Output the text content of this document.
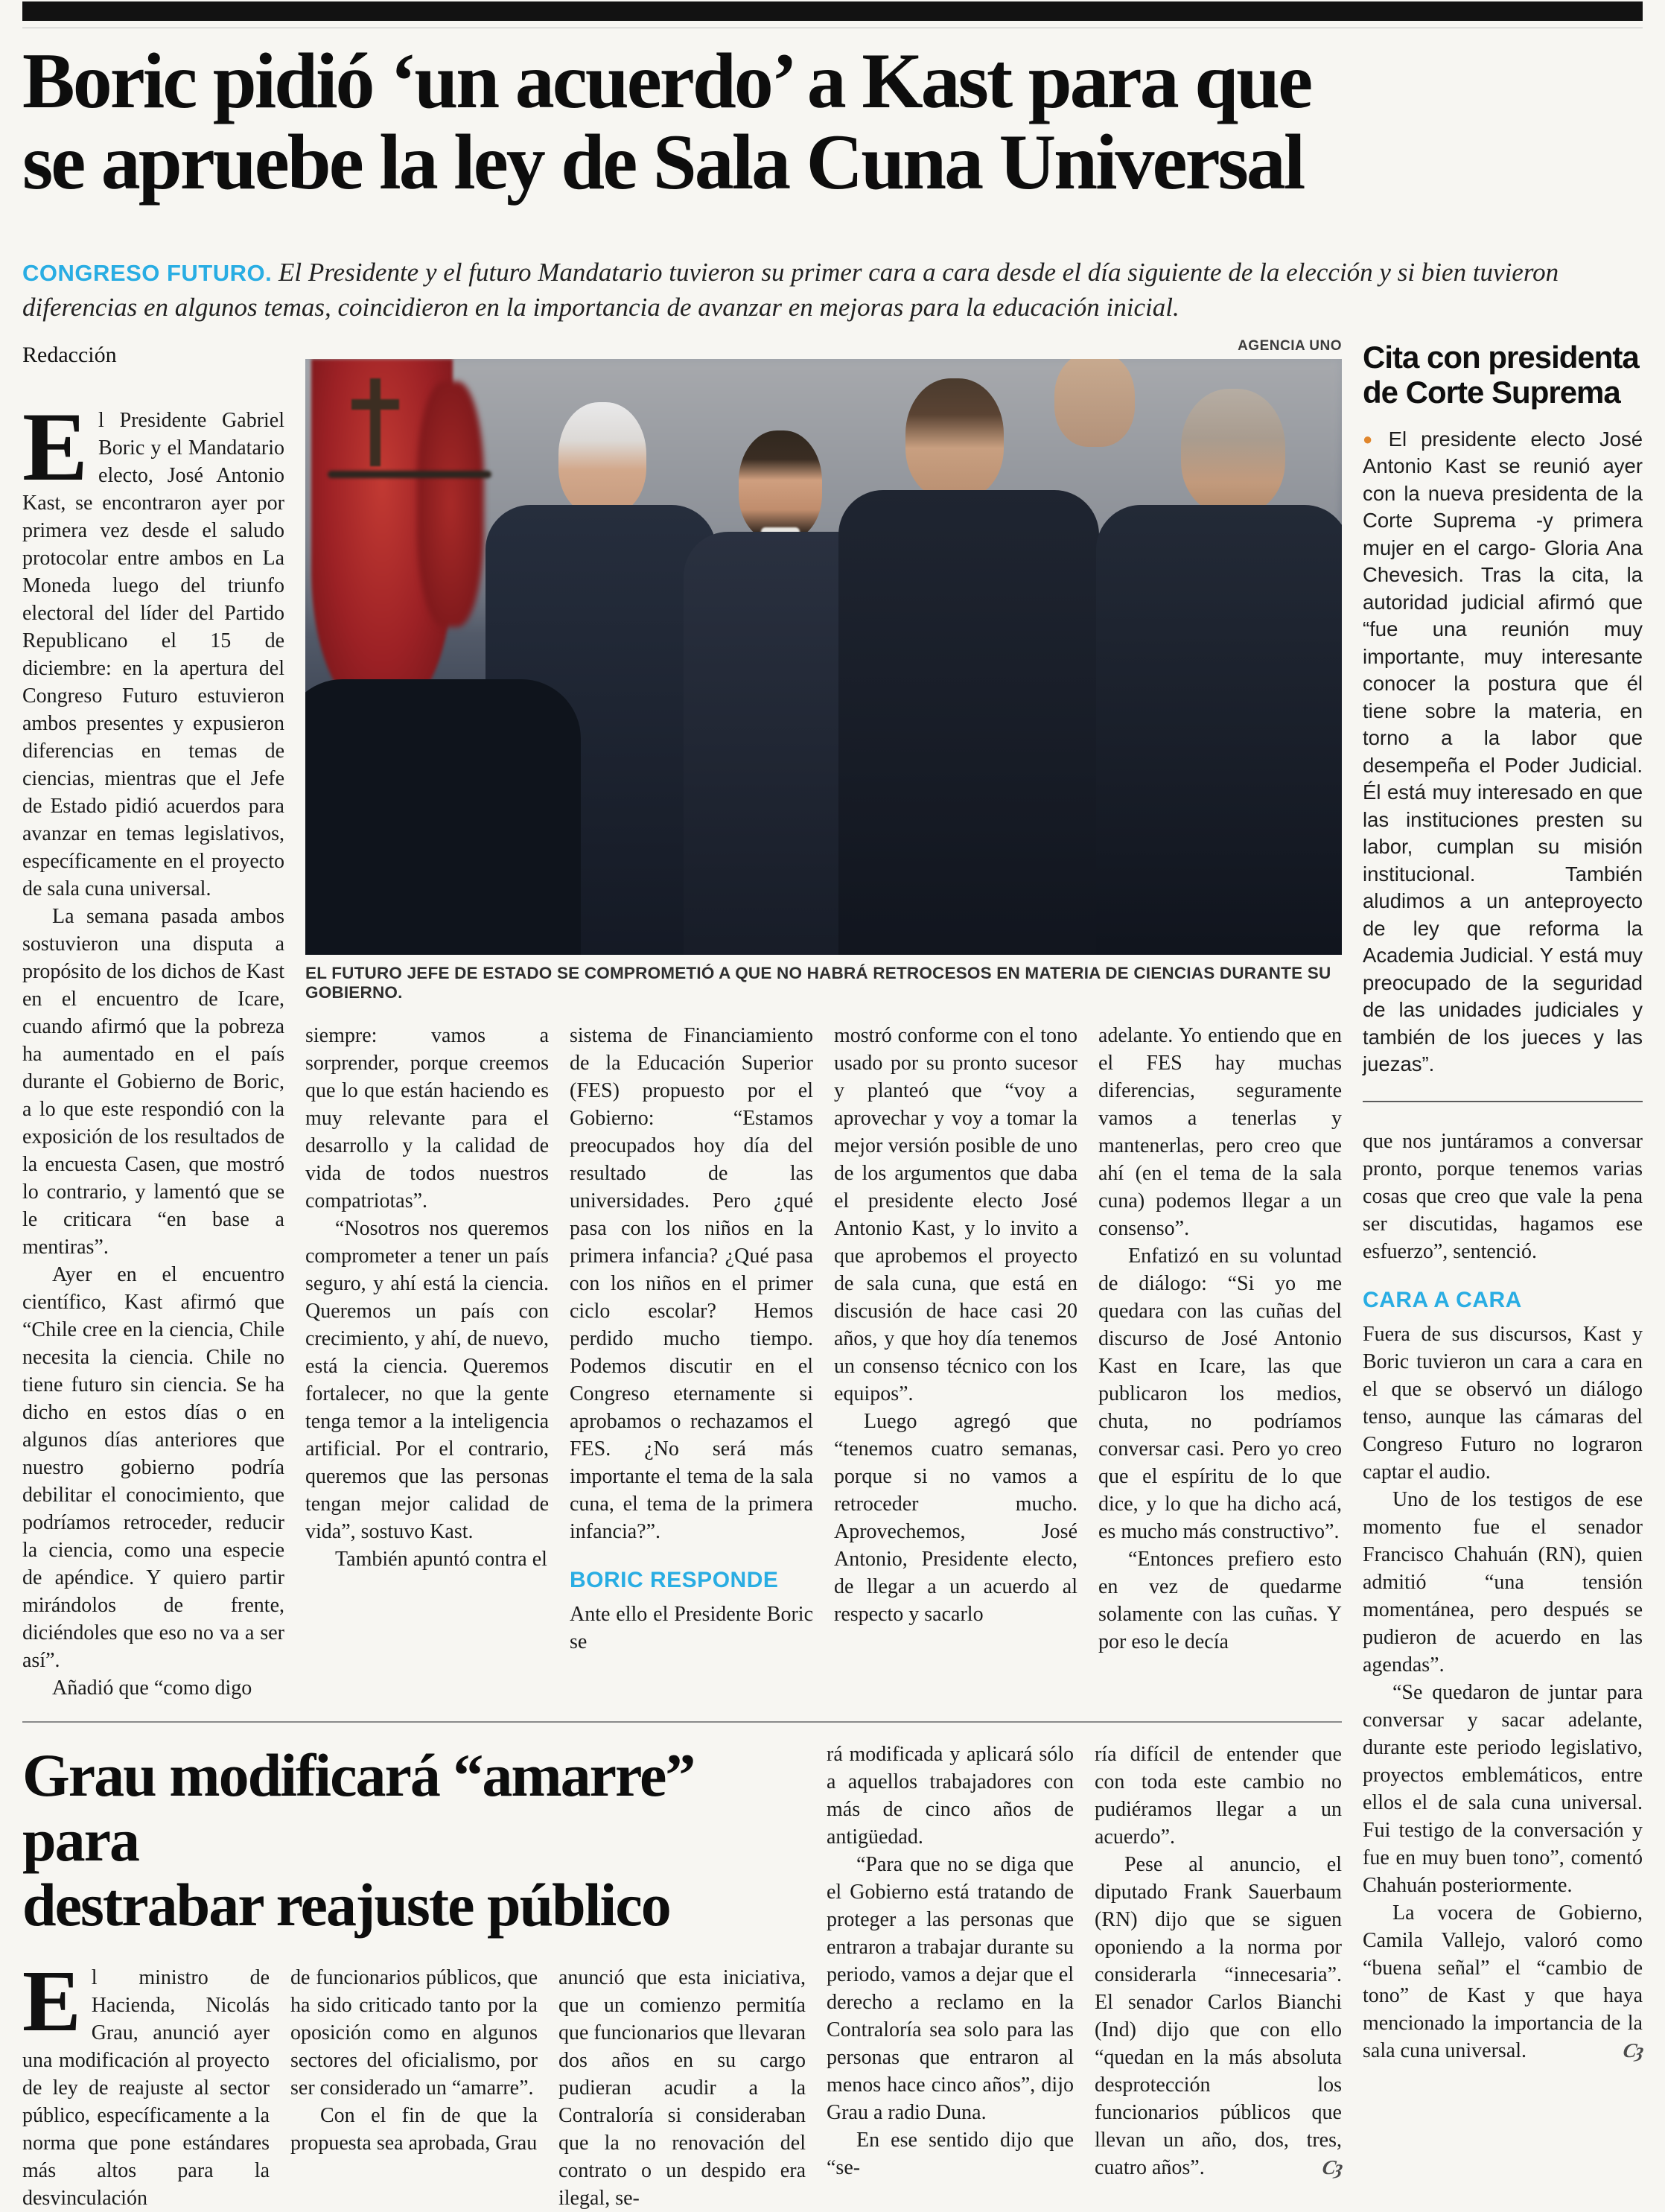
Boric pidió ‘un acuerdo’ a Kast para que
se apruebe la ley de Sala Cuna Universal
CONGRESO FUTURO. El Presidente y el futuro Mandatario tuvieron su primer cara a cara desde el día siguiente de la elección y si bien tuvieron diferencias en algunos temas, coincidieron en la importancia de avanzar en mejoras para la educación inicial.
Redacción

El Presidente Gabriel Boric y el Mandatario electo, José Antonio Kast, se encontraron ayer por primera vez desde el saludo protocolar entre ambos en La Moneda luego del triunfo electoral del líder del Partido Republicano el 15 de diciembre: en la apertura del Congreso Futuro estuvieron ambos presentes y expusieron diferencias en temas de ciencias, mientras que el Jefe de Estado pidió acuerdos para avanzar en temas legislativos, específicamente en el proyecto de sala cuna universal.

La semana pasada ambos sostuvieron una disputa a propósito de los dichos de Kast en el encuentro de Icare, cuando afirmó que la pobreza ha aumentado en el país durante el Gobierno de Boric, a lo que este respondió con la exposición de los resultados de la encuesta Casen, que mostró lo contrario, y lamentó que se le criticara “en base a mentiras”.

Ayer en el encuentro científico, Kast afirmó que “Chile cree en la ciencia, Chile necesita la ciencia. Chile no tiene futuro sin ciencia. Se ha dicho en estos días o en algunos días anteriores que nuestro gobierno podría debilitar el conocimiento, que podríamos retroceder, reducir la ciencia, como una especie de apéndice. Y quiero partir mirándolos de frente, diciéndoles que eso no va a ser así”.

Añadió que “como digo

AGENCIA UNO
EL FUTURO JEFE DE ESTADO SE COMPROMETIÓ A QUE NO HABRÁ RETROCESOS EN MATERIA DE CIENCIAS DURANTE SU GOBIERNO.

siempre: vamos a sorprender, porque creemos que lo que están haciendo es muy relevante para el desarrollo y la calidad de vida de todos nuestros compatriotas”.

“Nosotros nos queremos comprometer a tener un país seguro, y ahí está la ciencia. Queremos un país con crecimiento, y ahí, de nuevo, está la ciencia. Queremos fortalecer, no que la gente tenga temor a la inteligencia artificial. Por el contrario, queremos que las personas tengan mejor calidad de vida”, sostuvo Kast.

También apuntó contra el

sistema de Financiamiento de la Educación Superior (FES) propuesto por el Gobierno: “Estamos preocupados hoy día del resultado de las universidades. Pero ¿qué pasa con los niños en la primera infancia? ¿Qué pasa con los niños en el primer ciclo escolar? Hemos perdido mucho tiempo. Podemos discutir en el Congreso eternamente si aprobamos o rechazamos el FES. ¿No será más importante el tema de la sala cuna, el tema de la primera infancia?”.

BORIC RESPONDE

Ante ello el Presidente Boric se

mostró conforme con el tono usado por su pronto sucesor y planteó que “voy a aprovechar y voy a tomar la mejor versión posible de uno de los argumentos que daba el presidente electo José Antonio Kast, y lo invito a que aprobemos el proyecto de sala cuna, que está en discusión de hace casi 20 años, y que hoy día tenemos un consenso técnico con los equipos”.

Luego agregó que “tenemos cuatro semanas, porque si no vamos a retroceder mucho. Aprovechemos, José Antonio, Presidente electo, de llegar a un acuerdo al respecto y sacarlo

adelante. Yo entiendo que en el FES hay muchas diferencias, seguramente vamos a tenerlas y mantenerlas, pero creo que ahí (en el tema de la sala cuna) podemos llegar a un consenso”.

Enfatizó en su voluntad de diálogo: “Si yo me quedara con las cuñas del discurso de José Antonio Kast en Icare, las que publicaron los medios, chuta, no podríamos conversar casi. Pero yo creo que el espíritu de lo que dice, y lo que ha dicho acá, es mucho más constructivo”.

“Entonces prefiero esto en vez de quedarme solamente con las cuñas. Y por eso le decía

Grau modificará “amarre” para
destrabar reajuste público

El ministro de Hacienda, Nicolás Grau, anunció ayer una modificación al proyecto de ley de reajuste al sector público, específicamente a la norma que pone estándares más altos para la desvinculación

de funcionarios públicos, que ha sido criticado tanto por la oposición como en algunos sectores del oficialismo, por ser considerado un “amarre”.

Con el fin de que la propuesta sea aprobada, Grau

anunció que esta iniciativa, que un comienzo permitía que funcionarios que llevaran dos años en su cargo pudieran acudir a la Contraloría si consideraban que la no renovación del contrato o un despido era ilegal, se-

rá modificada y aplicará sólo a aquellos trabajadores con más de cinco años de antigüedad.

“Para que no se diga que el Gobierno está tratando de proteger a las personas que entraron a trabajar durante su periodo, vamos a dejar que el derecho a reclamo en la Contraloría sea solo para las personas que entraron al menos hace cinco años”, dijo Grau a radio Duna.

En ese sentido dijo que “se-

ría difícil de entender que con toda este cambio no pudiéramos llegar a un acuerdo”.

Pese al anuncio, el diputado Frank Sauerbaum (RN) dijo que se siguen oponiendo a la norma por considerarla “innecesaria”. El senador Carlos Bianchi (Ind) dijo que con ello “quedan en la más absoluta desprotección los funcionarios públicos que llevan un año, dos, tres, cuatro años”.	Cȝ

Cita con presidenta de Corte Suprema

● El presidente electo José Antonio Kast se reunió ayer con la nueva presidenta de la Corte Suprema -y primera mujer en el cargo- Gloria Ana Chevesich. Tras la cita, la autoridad judicial afirmó que “fue una reunión muy importante, muy interesante conocer la postura que él tiene sobre la materia, en torno a la labor que desempeña el Poder Judicial. Él está muy interesado en que las instituciones presten su labor, cumplan su misión institucional. También aludimos a un anteproyecto de ley que reforma la Academia Judicial. Y está muy preocupado de la seguridad de las unidades judiciales y también de los jueces y las juezas”.

que nos juntáramos a conversar pronto, porque tenemos varias cosas que creo que vale la pena ser discutidas, hagamos ese esfuerzo”, sentenció.

CARA A CARA

Fuera de sus discursos, Kast y Boric tuvieron un cara a cara en el que se observó un diálogo tenso, aunque las cámaras del Congreso Futuro no lograron captar el audio.

Uno de los testigos de ese momento fue el senador Francisco Chahuán (RN), quien admitió “una tensión momentánea, pero después se pudieron de acuerdo en las agendas”.

“Se quedaron de juntar para conversar y sacar adelante, durante este periodo legislativo, proyectos emblemáticos, entre ellos el de sala cuna universal. Fui testigo de la conversación y fue en muy buen tono”, comentó Chahuán posteriormente.

La vocera de Gobierno, Camila Vallejo, valoró como “buena señal” el “cambio de tono” de Kast y que haya mencionado la importancia de la sala cuna universal.	Cȝ
